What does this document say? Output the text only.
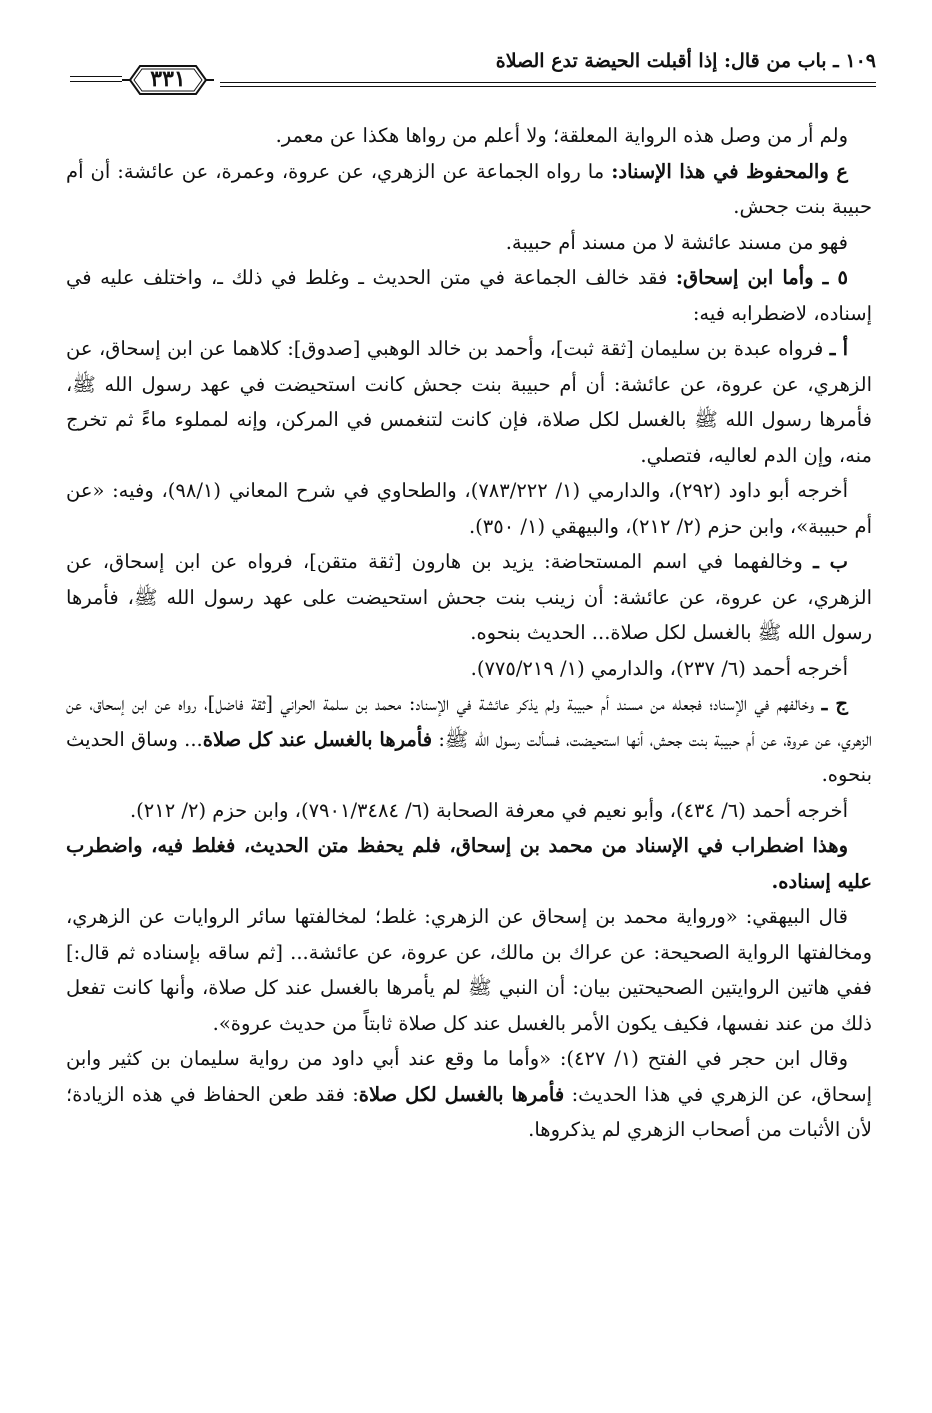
١٠٩ ـ باب من قال: إذا أقبلت الحيضة تدع الصلاة
٣٣١

ولم أر من وصل هذه الرواية المعلقة؛ ولا أعلم من رواها هكذا عن معمر.

ع والمحفوظ في هذا الإسناد: ما رواه الجماعة عن الزهري، عن عروة، وعمرة، عن عائشة: أن أم حبيبة بنت جحش.

فهو من مسند عائشة لا من مسند أم حبيبة.

٥ ـ وأما ابن إسحاق: فقد خالف الجماعة في متن الحديث ـ وغلط في ذلك ـ، واختلف عليه في إسناده، لاضطرابه فيه:

أ ـ فرواه عبدة بن سليمان [ثقة ثبت]، وأحمد بن خالد الوهبي [صدوق]: كلاهما عن ابن إسحاق، عن الزهري، عن عروة، عن عائشة: أن أم حبيبة بنت جحش كانت استحيضت في عهد رسول الله ﷺ، فأمرها رسول الله ﷺ بالغسل لكل صلاة، فإن كانت لتنغمس في المركن، وإنه لمملوء ماءً ثم تخرج منه، وإن الدم لعاليه، فتصلي.

أخرجه أبو داود (٢٩٢)، والدارمي (١/ ٧٨٣/٢٢٢)، والطحاوي في شرح المعاني (٩٨/١)، وفيه: «عن أم حبيبة»، وابن حزم (٢/ ٢١٢)، والبيهقي (١/ ٣٥٠).

ب ـ وخالفهما في اسم المستحاضة: يزيد بن هارون [ثقة متقن]، فرواه عن ابن إسحاق، عن الزهري، عن عروة، عن عائشة: أن زينب بنت جحش استحيضت على عهد رسول الله ﷺ، فأمرها رسول الله ﷺ بالغسل لكل صلاة... الحديث بنحوه.

أخرجه أحمد (٦/ ٢٣٧)، والدارمي (١/ ٧٧٥/٢١٩).

ج ـ وخالفهم في الإسناد؛ فجعله من مسند أم حبيبة ولم يذكر عائشة في الإسناد: محمد بن سلمة الحراني [ثقة فاضل]، رواه عن ابن إسحاق، عن الزهري، عن عروة، عن أم حبيبة بنت جحش، أنها استحيضت، فسألت رسول الله ﷺ: فأمرها بالغسل عند كل صلاة... وساق الحديث بنحوه.

أخرجه أحمد (٦/ ٤٣٤)، وأبو نعيم في معرفة الصحابة (٦/ ٧٩٠١/٣٤٨٤)، وابن حزم (٢/ ٢١٢).

وهذا اضطراب في الإسناد من محمد بن إسحاق، فلم يحفظ متن الحديث، فغلط فيه، واضطرب عليه إسناده.

قال البيهقي: «ورواية محمد بن إسحاق عن الزهري: غلط؛ لمخالفتها سائر الروايات عن الزهري، ومخالفتها الرواية الصحيحة: عن عراك بن مالك، عن عروة، عن عائشة... [ثم ساقه بإسناده ثم قال:] ففي هاتين الروايتين الصحيحتين بيان: أن النبي ﷺ لم يأمرها بالغسل عند كل صلاة، وأنها كانت تفعل ذلك من عند نفسها، فكيف يكون الأمر بالغسل عند كل صلاة ثابتاً من حديث عروة».

وقال ابن حجر في الفتح (١/ ٤٢٧): «وأما ما وقع عند أبي داود من رواية سليمان بن كثير وابن إسحاق، عن الزهري في هذا الحديث: فأمرها بالغسل لكل صلاة: فقد طعن الحفاظ في هذه الزيادة؛ لأن الأثبات من أصحاب الزهري لم يذكروها.
